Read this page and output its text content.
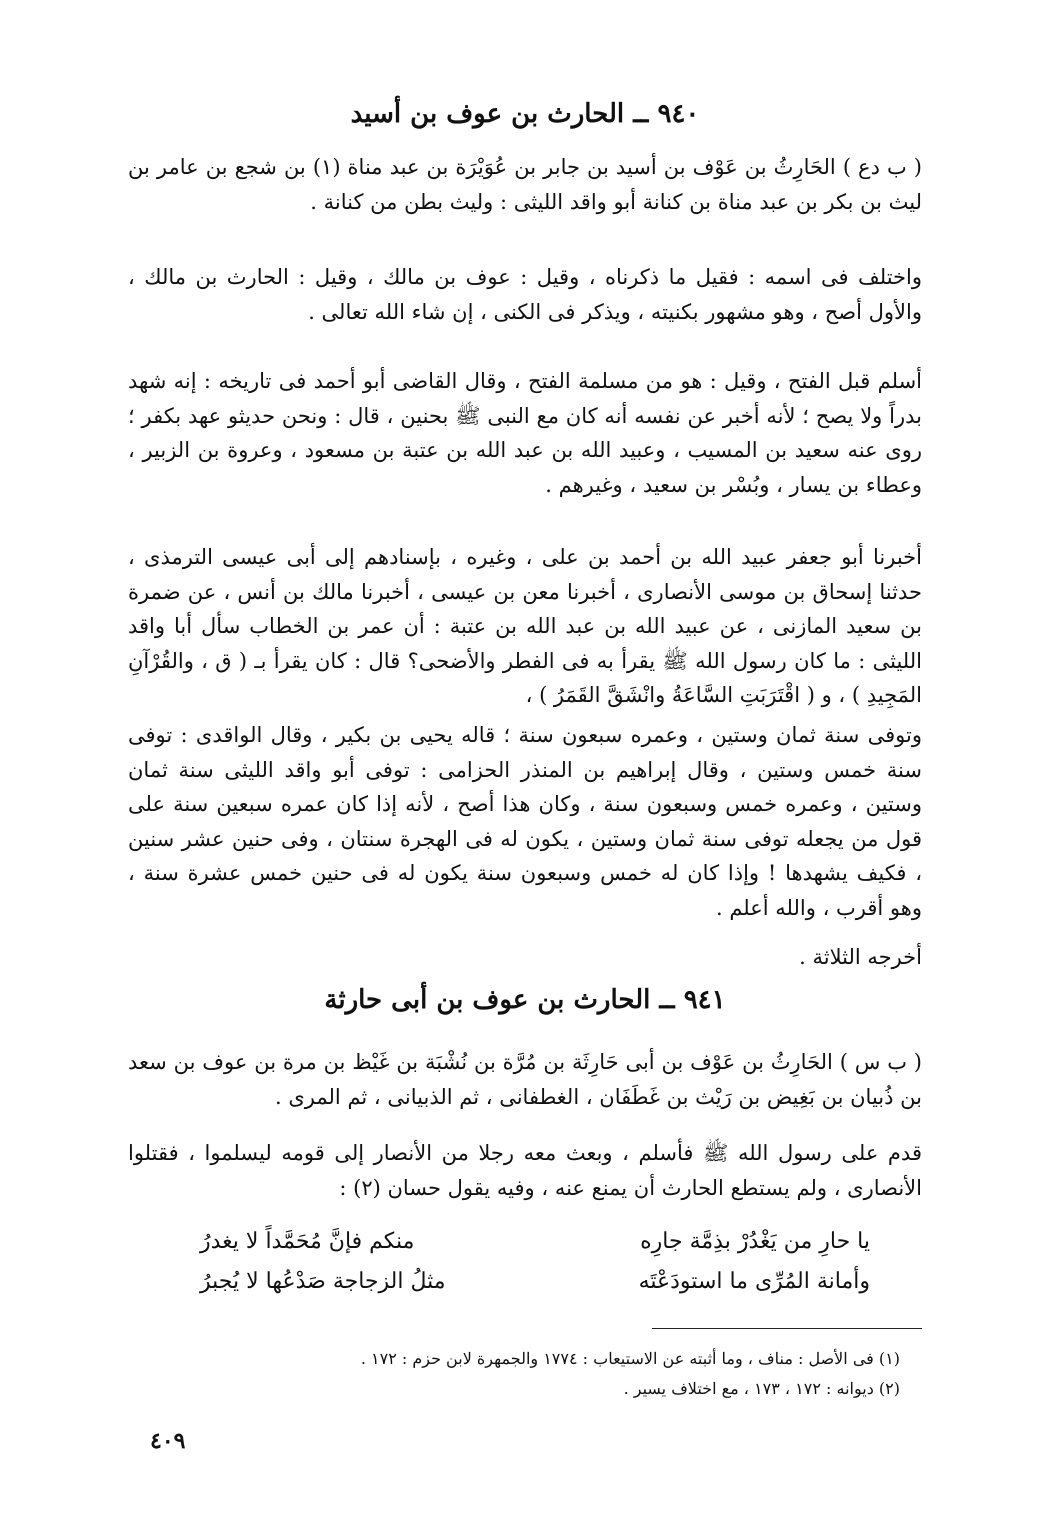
٩٤٠ ــ الحارث بن عوف بن أسيد

( ب دع ) الحَارِثُ بن عَوْف بن أسيد بن جابر بن عُوَيْرَة بن عبد مناة (١) بن شجع بن عامر بن ليث بن بكر بن عبد مناة بن كنانة أبو واقد الليثى : وليث بطن من كنانة .

واختلف فى اسمه : فقيل ما ذكرناه ، وقيل : عوف بن مالك ، وقيل : الحارث بن مالك ، والأول أصح ، وهو مشهور بكنيته ، ويذكر فى الكنى ، إن شاء الله تعالى .

أسلم قبل الفتح ، وقيل : هو من مسلمة الفتح ، وقال القاضى أبو أحمد فى تاريخه : إنه شهد بدراً ولا يصح ؛ لأنه أخبر عن نفسه أنه كان مع النبى ﷺ بحنين ، قال : ونحن حديثو عهد بكفر ؛ روى عنه سعيد بن المسيب ، وعبيد الله بن عبد الله بن عتبة بن مسعود ، وعروة بن الزبير ، وعطاء بن يسار ، وبُسْر بن سعيد ، وغيرهم .

أخبرنا أبو جعفر عبيد الله بن أحمد بن على ، وغيره ، بإسنادهم إلى أبى عيسى الترمذى ، حدثنا إسحاق بن موسى الأنصارى ، أخبرنا معن بن عيسى ، أخبرنا مالك بن أنس ، عن ضمرة بن سعيد المازنى ، عن عبيد الله بن عبد الله بن عتبة : أن عمر بن الخطاب سأل أبا واقد الليثى : ما كان رسول الله ﷺ يقرأ به فى الفطر والأضحى؟ قال : كان يقرأ بـ ( ق ، والقُرْآنِ المَجِيدِ ) ، و ( اقْتَرَبَتِ السَّاعَةُ وانْشَقَّ القَمَرُ ) ،

وتوفى سنة ثمان وستين ، وعمره سبعون سنة ؛ قاله يحيى بن بكير ، وقال الواقدى : توفى سنة خمس وستين ، وقال إبراهيم بن المنذر الحزامى : توفى أبو واقد الليثى سنة ثمان وستين ، وعمره خمس وسبعون سنة ، وكان هذا أصح ، لأنه إذا كان عمره سبعين سنة على قول من يجعله توفى سنة ثمان وستين ، يكون له فى الهجرة سنتان ، وفى حنين عشر سنين ، فكيف يشهدها ! وإذا كان له خمس وسبعون سنة يكون له فى حنين خمس عشرة سنة ، وهو أقرب ، والله أعلم .

أخرجه الثلاثة .

٩٤١ ــ الحارث بن عوف بن أبى حارثة

( ب س ) الحَارِثُ بن عَوْف بن أبى حَارِثَة بن مُرَّة بن نُشْبَة بن غَيْظ بن مرة بن عوف بن سعد بن ذُبيان بن بَغِيض بن رَيْث بن غَطَفَان ، الغطفانى ، ثم الذبيانى ، ثم المرى .

قدم على رسول الله ﷺ فأسلم ، وبعث معه رجلا من الأنصار إلى قومه ليسلموا ، فقتلوا الأنصارى ، ولم يستطع الحارث أن يمنع عنه ، وفيه يقول حسان (٢) :

يا حارِ من يَغْدُرْ بذِمَّة جارِه
منكم فإنَّ مُحَمَّداً لا يغدرُ
وأمانة المُرِّى ما استودَعْتَه
مثلُ الزجاجة صَدْعُها لا يُجبرُ

(١) فى الأصل : مناف ، وما أثبته عن الاستيعاب : ١٧٧٤ والجمهرة لابن حزم : ١٧٢ .

(٢) ديوانه : ١٧٢ ، ١٧٣ ، مع اختلاف يسير .

٤٠٩
